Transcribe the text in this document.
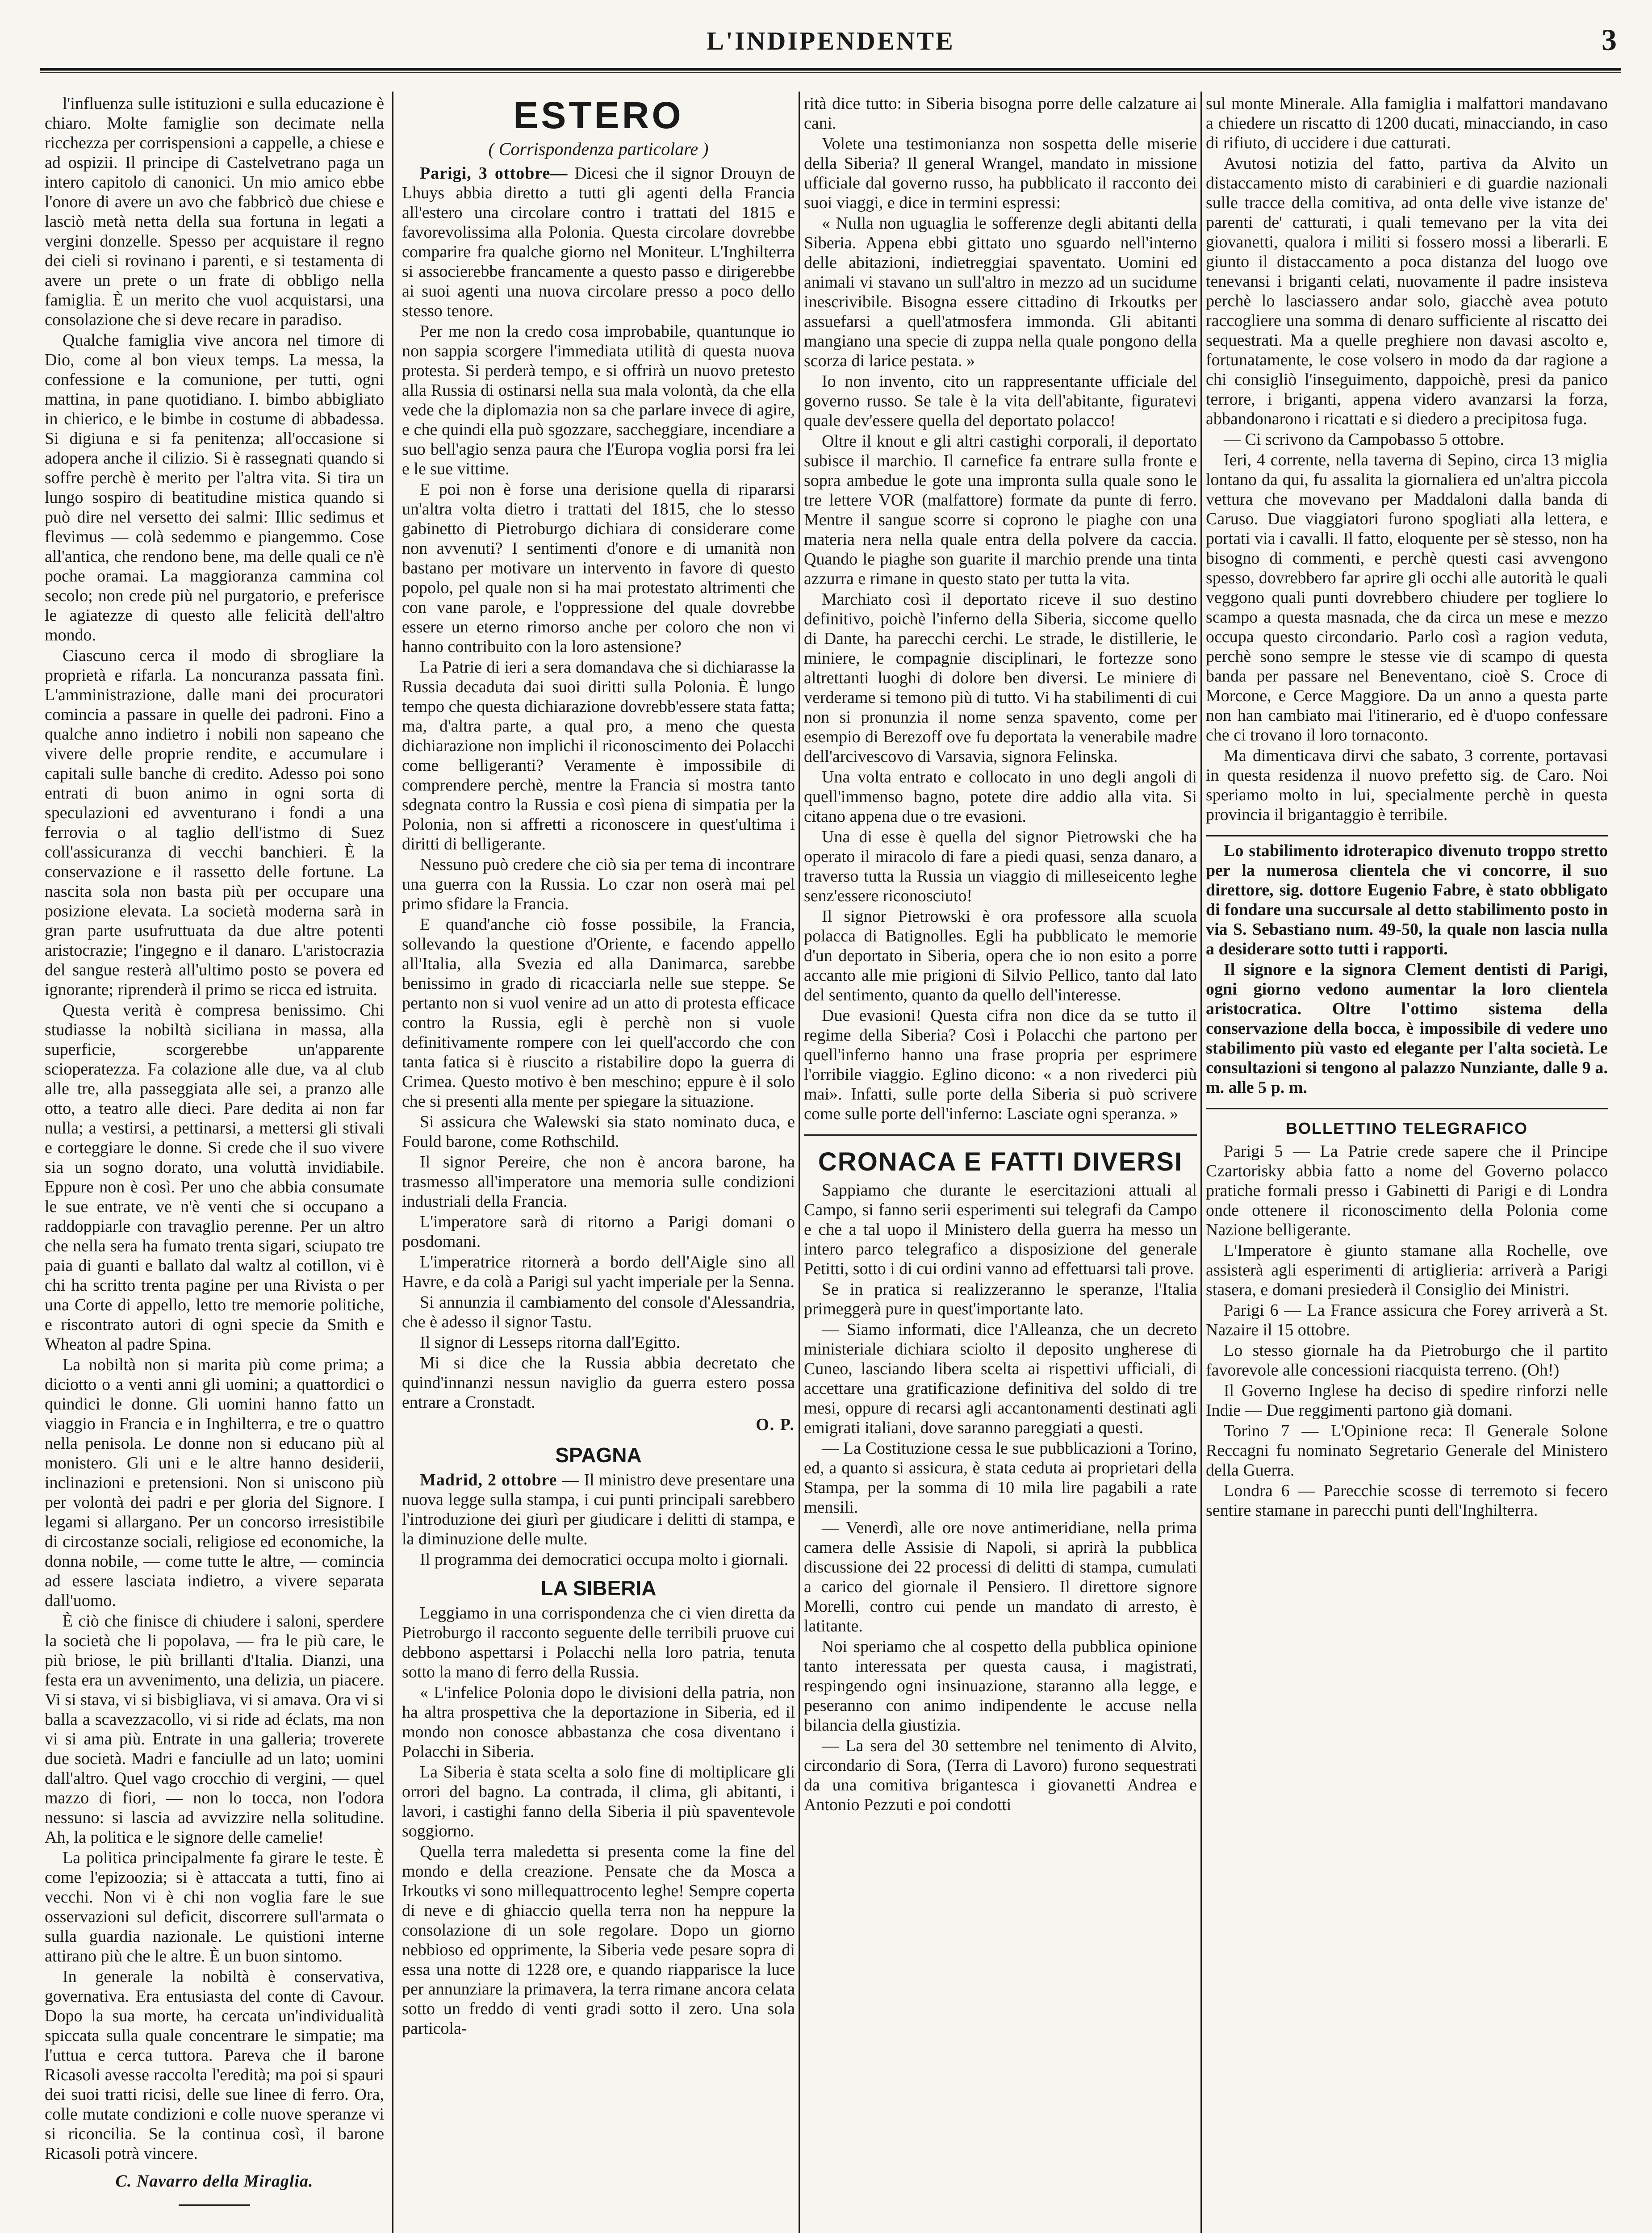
L'INDIPENDENTE	3

l'influenza sulle istituzioni e sulla educazione è chiaro. Molte famiglie son decimate nella ricchezza per corrispensioni a cappelle, a chiese e ad ospizii. Il principe di Castelvetrano paga un intero capitolo di canonici. Un mio amico ebbe l'onore di avere un avo che fabbricò due chiese e lasciò metà netta della sua fortuna in legati a vergini donzelle. Spesso per acquistare il regno dei cieli si rovinano i parenti, e si testamenta di avere un prete o un frate di obbligo nella famiglia. È un merito che vuol acquistarsi, una consolazione che si deve recare in paradiso.

Qualche famiglia vive ancora nel timore di Dio, come al bon vieux temps. La messa, la confessione e la comunione, per tutti, ogni mattina, in pane quotidiano. I. bimbo abbigliato in chierico, e le bimbe in costume di abbadessa. Si digiuna e si fa penitenza; all'occasione si adopera anche il cilizio. Si è rassegnati quando si soffre perchè è merito per l'altra vita. Si tira un lungo sospiro di beatitudine misticа quando si può dire nel versetto dei salmi: Illic sedimus et flevimus — colà sedemmo e piangemmo. Cose all'antica, che rendono bene, ma delle quali ce n'è poche oramai. La maggioranza cammina col secolo; non crede più nel purgatorio, e preferisce le agiatezze di questo alle felicità dell'altro mondo.

Ciascuno cerca il modo di sbrogliare la proprietà e rifarla. La noncuranza passata finì. L'amministrazione, dalle mani dei procuratori comincia a passare in quelle dei padroni. Fino a qualche anno indietro i nobili non sapeano che vivere delle proprie rendite, e accumulare i capitali sulle banche di credito. Adesso poi sono entrati di buon animo in ogni sorta di speculazioni ed avventurano i fondi a una ferrovia o al taglio dell'istmo di Suez coll'assicuranza di vecchi banchieri. È la conservazione e il rassetto delle fortune. La nascita sola non basta più per occupare una posizione elevata. La società moderna sarà in gran parte usufruttuata da due altre potenti aristocrazie; l'ingegno e il danaro. L'aristocrazia del sangue resterà all'ultimo posto se povera ed ignorante; riprenderà il primo se ricca ed istruita.

Questa verità è compresa benissimo. Chi studiasse la nobiltà siciliana in massa, alla superficie, scorgerebbe un'apparente scioperatezza. Fa colazione alle due, va al club alle tre, alla passeggiata alle sei, a pranzo alle otto, a teatro alle dieci. Pare dedita ai non far nulla; a vestirsi, a pettinarsi, a mettersi gli stivali e corteggiare le donne. Si crede che il suo vivere sia un sogno dorato, una voluttà invidiabile. Eppure non è così. Per uno che abbia consumate le sue entrate, ve n'è venti che si occupano a raddoppiarle con travaglio perenne. Per un altro che nella sera ha fumato trenta sigari, sciupato tre paia di guanti e ballato dal waltz al cotillon, vi è chi ha scritto trenta pagine per una Rivista o per una Corte di appello, letto tre memorie politiche, e riscontrato autori di ogni specie da Smith e Wheaton al padre Spina.

La nobiltà non si marita più come prima; a diciotto o a venti anni gli uomini; a quattordici o quindici le donne. Gli uomini hanno fatto un viaggio in Francia e in Inghilterra, e tre o quattro nella penisola. Le donne non si educano più al monistero. Gli uni e le altre hanno desiderii, inclinazioni e pretensioni. Non si uniscono più per volontà dei padri e per gloria del Signore. I legami si allargano. Per un concorso irresistibile di circostanze sociali, religiose ed economiche, la donna nobile, — come tutte le altre, — comincia ad essere lasciata indietro, a vivere separata dall'uomo.

È ciò che finisce di chiudere i saloni, sperdere la società che li popolava, — fra le più care, le più briose, le più brillanti d'Italia. Dianzi, una festa era un avvenimento, una delizia, un piacere. Vi si stava, vi si bisbigliava, vi si amava. Ora vi si balla a scavezzacollo, vi si ride ad éclats, ma non vi si ama più. Entrate in una galleria; troverete due società. Madri e fanciulle ad un lato; uomini dall'altro. Quel vago crocchio di vergini, — quel mazzo di fiori, — non lo tocca, non l'odora nessuno: si lascia ad avvizzire nella solitudine. Ah, la politica e le signore delle camelie!

La politica principalmente fa girare le teste. È come l'epizoozia; si è attaccata a tutti, fino ai vecchi. Non vi è chi non voglia fare le sue osservazioni sul deficit, discorrere sull'armata o sulla guardia nazionale. Le quistioni interne attirano più che le altre. È un buon sintomo.

In generale la nobiltà è conservativa, governativa. Era entusiasta del conte di Cavour. Dopo la sua morte, ha cercata un'individualità spiccata sulla quale concentrare le simpatie; ma l'uttua e cerca tuttora. Pareva che il barone Ricasoli avesse raccolta l'eredità; ma poi si spauri dei suoi tratti ricisi, delle sue linee di ferro. Ora, colle mutate condizioni e colle nuove speranze vi si riconcilia. Se la continua così, il barone Ricasoli potrà vincere.

C. Navarro della Miraglia.
ESTERO
( Corrispondenza particolare )

Parigi, 3 ottobre— Dicesi che il signor Drouyn de Lhuys abbia diretto a tutti gli agenti della Francia all'estero una circolare contro i trattati del 1815 e favorevolissima alla Polonia. Questa circolare dovrebbe comparire fra qualche giorno nel Moniteur. L'Inghilterra si associerebbe francamente a questo passo e dirigerebbe ai suoi agenti una nuova circolare presso a poco dello stesso tenore.

Per me non la credo cosa improbabile, quantunque io non sappia scorgere l'immediata utilità di questa nuova protesta. Si perderà tempo, e si offrirà un nuovo pretesto alla Russia di ostinarsi nella sua mala volontà, da che ella vede che la diplomazia non sa che parlare invece di agire, e che quindi ella può sgozzare, saccheggiare, incendiare a suo bell'agio senza paura che l'Europa voglia porsi fra lei e le sue vittime.

E poi non è forse una derisione quella di ripararsi un'altra volta dietro i trattati del 1815, che lo stesso gabinetto di Pietroburgo dichiara di considerare come non avvenuti? I sentimenti d'onore e di umanità non bastano per motivare un intervento in favore di questo popolo, pel quale non si ha mai protestato altrimenti che con vane parole, e l'oppressione del quale dovrebbe essere un eterno rimorso anche per coloro che non vi hanno contribuito con la loro astensione?

La Patrie di ieri a sera domandava che si dichiarasse la Russia decaduta dai suoi diritti sulla Polonia. È lungo tempo che questa dichiarazione dovrebb'essere stata fatta; ma, d'altra parte, a qual pro, a meno che questa dichiarazione non implichi il riconoscimento dei Polacchi come belligeranti? Veramente è impossibile di comprendere perchè, mentre la Francia si mostra tanto sdegnata contro la Russia e così piena di simpatia per la Polonia, non si affretti a riconoscere in quest'ultima i diritti di belligerante.

Nessuno può credere che ciò sia per tema di incontrare una guerra con la Russia. Lo czar non oserà mai pel primo sfidare la Francia.

E quand'anche ciò fosse possibile, la Francia, sollevando la questione d'Oriente, e facendo appello all'Italia, alla Svezia ed alla Danimarca, sarebbe benissimo in grado di ricacciarla nelle sue steppe. Se pertanto non si vuol venire ad un atto di protesta efficace contro la Russia, egli è perchè non si vuole definitivamente rompere con lei quell'accordo che con tanta fatica si è riuscito a ristabilire dopo la guerra di Crimea. Questo motivo è ben meschino; eppure è il solo che si presenti alla mente per spiegare la situazione.

Si assicura che Walewski sia stato nominato duca, e Fould barone, come Rothschild.

Il signor Pereire, che non è ancora barone, ha trasmesso all'imperatore una memoria sulle condizioni industriali della Francia.

L'imperatore sarà di ritorno a Parigi domani o posdomani.

L'imperatrice ritornerà a bordo dell'Aigle sino all Havre, e da colà a Parigi sul yacht imperiale per la Senna.

Si annunzia il cambiamento del console d'Alessandria, che è adesso il signor Tastu.

Il signor di Lesseps ritorna dall'Egitto.

Mi si dice che la Russia abbia decretato che quind'innanzi nessun naviglio da guerra estero possa entrare a Cronstadt.

O. P.
SPAGNA

Madrid, 2 ottobre — Il ministro deve presentare una nuova legge sulla stampa, i cui punti principali sarebbero l'introduzione dei giurì per giudicare i delitti di stampa, e la diminuzione delle multe.

Il programma dei democratici occupa molto i giornali.

LA SIBERIA

Leggiamo in una corrispondenza che ci vien diretta da Pietroburgo il racconto seguente delle terribili pruove cui debbono aspettarsi i Polacchi nella loro patria, tenuta sotto la mano di ferro della Russia.

« L'infelice Polonia dopo le divisioni della patria, non ha altra prospettiva che la deportazione in Siberia, ed il mondo non conosce abbastanza che cosa diventano i Polacchi in Siberia.

La Siberia è stata scelta a solo fine di moltiplicare gli orrori del bagno. La contrada, il clima, gli abitanti, i lavori, i castighi fanno della Siberia il più spaventevole soggiorno.

Quella terra maledetta si presenta come la fine del mondo e della creazione. Pensate che da Mosca a Irkoutks vi sono millequattrocento leghe! Sempre coperta di neve e di ghiaccio quella terra non ha neppure la consolazione di un sole regolare. Dopo un giorno nebbioso ed opprimente, la Siberia vede pesare sopra di essa una notte di 1228 ore, e quando riapparisce la luce per annunziare la primavera, la terra rimane ancora celata sotto un freddo di venti gradi sotto il zero. Una sola particola-

rità dice tutto: in Siberia bisogna porre delle calzature ai cani.

Volete una testimonianza non sospetta delle miserie della Siberia? Il general Wrangel, mandato in missione ufficiale dal governo russo, ha pubblicato il racconto dei suoi viaggi, e dice in termini espressi:

« Nulla non uguaglia le sofferenze degli abitanti della Siberia. Appena ebbi gittato uno sguardo nell'interno delle abitazioni, indietreggiai spaventato. Uomini ed animali vi stavano un sull'altro in mezzo ad un sucidume inescrivibile. Bisogna essere cittadino di Irkoutks per assuefarsi a quell'atmosfera immonda. Gli abitanti mangiano una specie di zuppa nella quale pongono della scorza di larice pestata. »

Io non invento, cito un rappresentante ufficiale del governo russo. Se tale è la vita dell'abitante, figuratevi quale dev'essere quella del deportato polacco!

Oltre il knout e gli altri castighi corporali, il deportato subisce il marchio. Il carnefice fa entrare sulla fronte e sopra ambedue le gote una impronta sulla quale sono le tre lettere VOR (malfattore) formate da punte di ferro. Mentre il sangue scorre si coprono le piaghe con una materia nera nella quale entra della polvere da caccia. Quando le piaghe son guarite il marchio prende una tinta azzurra e rimane in questo stato per tutta la vita.

Marchiato così il deportato riceve il suo destino definitivo, poichè l'inferno della Siberia, siccome quello di Dante, ha parecchi cerchi. Le strade, le distillerie, le miniere, le compagnie disciplinari, le fortezze sono altrettanti luoghi di dolore ben diversi. Le miniere di verderame si temono più di tutto. Vi ha stabilimenti di cui non si pronunzia il nome senza spavento, come per esempio di Berezoff ove fu deportata la venerabile madre dell'arcivescovo di Varsavia, signora Felinska.

Una volta entrato e collocato in uno degli angoli di quell'immenso bagno, potete dire addio alla vita. Si citano appena due o tre evasioni.

Una di esse è quella del signor Pietrowski che ha operato il miracolo di fare a piedi quasi, senza danaro, a traverso tutta la Russia un viaggio di milleseicento leghe senz'essere riconosciuto!

Il signor Pietrowski è ora professore alla scuola polacca di Batignolles. Egli ha pubblicato le memorie d'un deportato in Siberia, opera che io non esito a porre accanto alle mie prigioni di Silvio Pellico, tanto dal lato del sentimento, quanto da quello dell'interesse.

Due evasioni! Questa cifra non dice da se tutto il regime della Siberia? Così i Polacchi che partono per quell'inferno hanno una frase propria per esprimere l'orribile viaggio. Eglino dicono: « a non rivederci più mai». Infatti, sulle porte della Siberia si può scrivere come sulle porte dell'inferno: Lasciate ogni speranza. »

CRONACA E FATTI DIVERSI

Sappiamo che durante le esercitazioni attuali al Campo, si fanno serii esperimenti sui telegrafi da Campo e che a tal uopo il Ministero della guerra ha messo un intero parco telegrafico a disposizione del generale Petitti, sotto i di cui ordini vanno ad effettuarsi tali prove.

Se in pratica si realizzeranno le speranze, l'Italia primeggerà pure in quest'importante lato.

— Siamo informati, dice l'Alleanza, che un decreto ministeriale dichiara sciolto il deposito ungherese di Cuneo, lasciando libera scelta ai rispettivi ufficiali, di accettare una gratificazione definitiva del soldo di tre mesi, oppure di recarsi agli accantonamenti destinati agli emigrati italiani, dove saranno pareggiati a questi.

— La Costituzione cessa le sue pubblicazioni a Torino, ed, a quanto si assicura, è stata ceduta ai proprietari della Stampa, per la somma di 10 mila lire pagabili a rate mensili.

— Venerdì, alle ore nove antimeridiane, nella prima camera delle Assisie di Napoli, si aprirà la pubblica discussione dei 22 processi di delitti di stampa, cumulati a carico del giornale il Pensiero. Il direttore signore Morelli, contro cui pende un mandato di arresto, è latitante.

Noi speriamo che al cospetto della pubblica opinione tanto interessata per questa causa, i magistrati, respingendo ogni insinuazione, staranno alla legge, e peseranno con animo indipendente le accuse nella bilancia della giustizia.

— La sera del 30 settembre nel tenimento di Alvito, circondario di Sora, (Terra di Lavoro) furono sequestrati da una comitiva brigantesca i giovanetti Andrea e Antonio Pezzuti e poi condotti

sul monte Minerale. Alla famiglia i malfattori mandavano a chiedere un riscatto di 1200 ducati, minacciando, in caso di rifiuto, di uccidere i due catturati.

Avutosi notizia del fatto, partiva da Alvito un distaccamento misto di carabinieri e di guardie nazionali sulle tracce della comitiva, ad onta delle vive istanze de' parenti de' catturati, i quali temevano per la vita dei giovanetti, qualora i militi si fossero mossi a liberarli. E giunto il distaccamento a poca distanza del luogo ove tenevansi i briganti celati, nuovamente il padre insisteva perchè lo lasciassero andar solo, giacchè avea potuto raccogliere una somma di denaro sufficiente al riscatto dei sequestrati. Ma a quelle preghiere non davasi ascolto e, fortunatamente, le cose volsero in modo da dar ragione a chi consigliò l'inseguimento, dappoichè, presi da panico terrore, i briganti, appena videro avanzarsi la forza, abbandonarono i ricattati e si diedero a precipitosa fuga.

— Ci scrivono da Campobasso 5 ottobre.

Ieri, 4 corrente, nella taverna di Sepino, circa 13 miglia lontano da qui, fu assalita la giornaliera ed un'altra piccola vettura che movevano per Maddaloni dalla banda di Caruso. Due viaggiatori furono spogliati alla lettera, e portati via i cavalli. Il fatto, eloquente per sè stesso, non ha bisogno di commenti, e perchè questi casi avvengono spesso, dovrebbero far aprire gli occhi alle autorità le quali veggono quali punti dovrebbero chiudere per togliere lo scampo a questa masnada, che da circa un mese e mezzo occupa questo circondario. Parlo così a ragion veduta, perchè sono sempre le stesse vie di scampo di questa banda per passare nel Beneventano, cioè S. Croce di Morcone, e Cerce Maggiore. Da un anno a questa parte non han cambiato mai l'itinerario, ed è d'uopo confessare che ci trovano il loro tornaconto.

Ma dimenticava dirvi che sabato, 3 corrente, portavasi in questa residenza il nuovo prefetto sig. de Caro. Noi speriamo molto in lui, specialmente perchè in questa provincia il brigantaggio è terribile.

Lo stabilimento idroterapico divenuto troppo stretto per la numerosa clientela che vi concorre, il suo direttore, sig. dottore Eugenio Fabre, è stato obbligato di fondare una succursale al detto stabilimento posto in via S. Sebastiano num. 49-50, la quale non lascia nulla a desiderare sotto tutti i rapporti.

Il signore e la signora Clement dentisti di Parigi, ogni giorno vedono aumentar la loro clientela aristocratica. Oltre l'ottimo sistema della conservazione della bocca, è impossibile di vedere uno stabilimento più vasto ed elegante per l'alta società. Le consultazioni si tengono al palazzo Nunziante, dalle 9 a. m. alle 5 p. m.

BOLLETTINO TELEGRAFICO

Parigi 5 — La Patrie crede sapere che il Principe Czartorisky abbia fatto a nome del Governo polacco pratiche formali presso i Gabinetti di Parigi e di Londra onde ottenere il riconoscimento della Polonia come Nazione belligerante.

L'Imperatore è giunto stamane alla Rochelle, ove assisterà agli esperimenti di artiglieria: arriverà a Parigi stasera, e domani presiederà il Consiglio dei Ministri.

Parigi 6 — La France assicura che Forey arriverà a St. Nazaire il 15 ottobre.

Lo stesso giornale ha da Pietroburgo che il partito favorevole alle concessioni riacquista terreno. (Oh!)

Il Governo Inglese ha deciso di spedire rinforzi nelle Indie — Due reggimenti partono già domani.

Torino 7 — L'Opinione reca: Il Generale Solone Reccagni fu nominato Segretario Generale del Ministero della Guerra.

Londra 6 — Parecchie scosse di terremoto si fecero sentire stamane in parecchi punti dell'Inghilterra.
